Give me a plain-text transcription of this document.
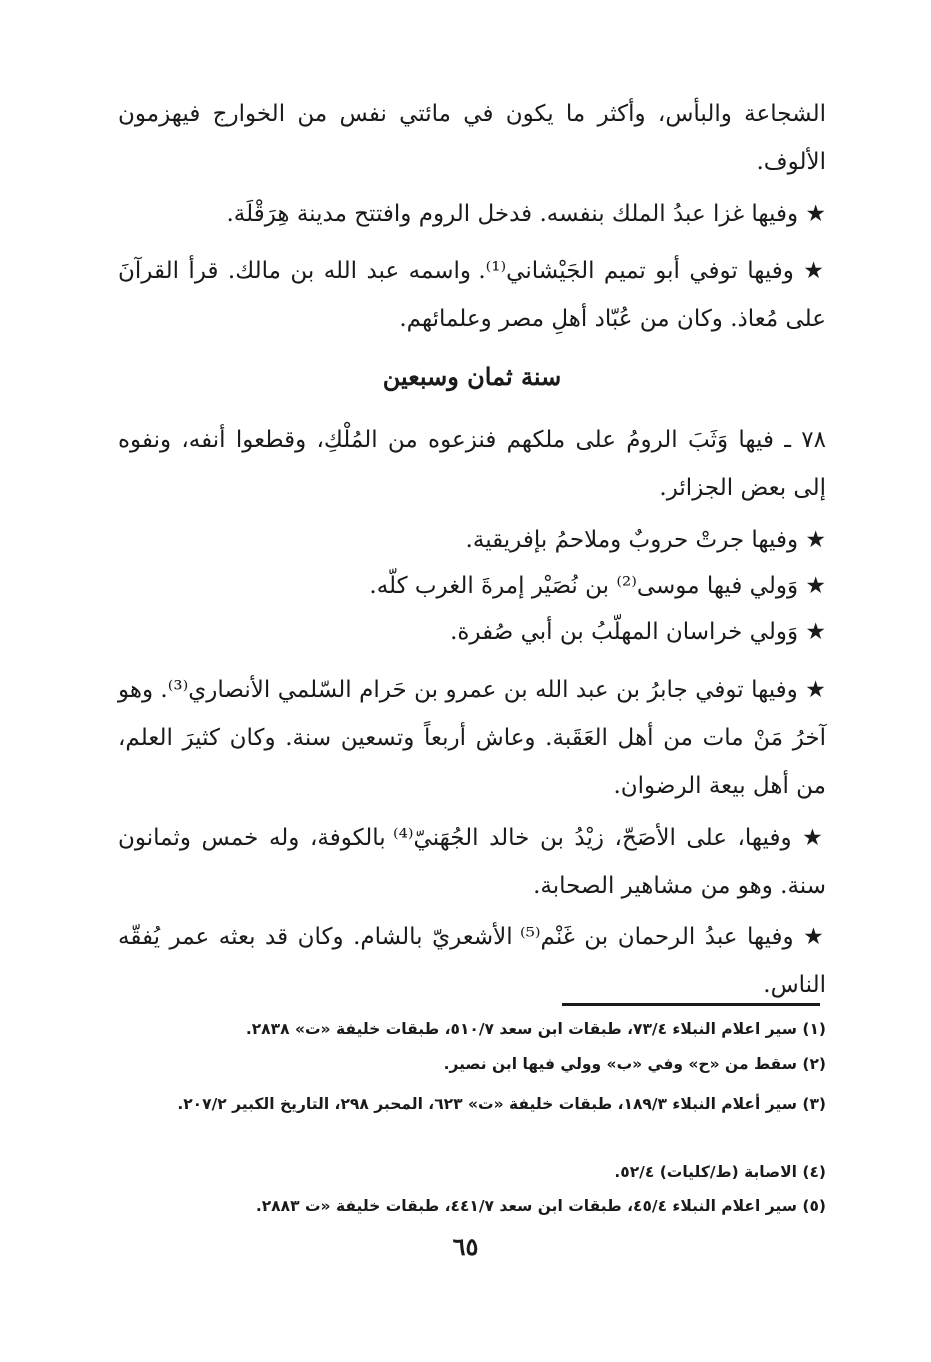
الشجاعة والبأس، وأكثر ما يكون في مائتي نفس من الخوارج فيهزمون الألوف.

★ وفيها غزا عبدُ الملك بنفسه. فدخل الروم وافتتح مدينة هِرَقْلَة.

★ وفيها توفي أبو تميم الجَيْشاني⁽¹⁾. واسمه عبد الله بن مالك. قرأ القرآنَ على مُعاذ. وكان من عُبّاد أهلِ مصر وعلمائهم.

سنة ثمان وسبعين

٧٨ ـ فيها وَثَبَ الرومُ على ملكهم فنزعوه من المُلْكِ، وقطعوا أنفه، ونفوه إلى بعض الجزائر.

★ وفيها جرتْ حروبٌ وملاحمُ بإفريقية.

★ وَولي فيها موسى⁽²⁾ بن نُصَيْر إمرةَ الغرب كلّه.

★ وَولي خراسان المهلّبُ بن أبي صُفرة.

★ وفيها توفي جابرُ بن عبد الله بن عمرو بن حَرام السّلمي الأنصاري⁽³⁾. وهو آخرُ مَنْ مات من أهل العَقَبة. وعاش أربعاً وتسعين سنة. وكان كثيرَ العلم، من أهل بيعة الرضوان.

★ وفيها، على الأصَحّ، زيْدُ بن خالد الجُهَنيّ⁽⁴⁾ بالكوفة، وله خمس وثمانون سنة. وهو من مشاهير الصحابة.

★ وفيها عبدُ الرحمان بن غَنْم⁽⁵⁾ الأشعريّ بالشام. وكان قد بعثه عمر يُفقّه الناس.

(١) سير اعلام النبلاء ٧٣/٤، طبقات ابن سعد ٥١٠/٧، طبقات خليفة «ت» ٢٨٣٨.

(٢) سقط من «ح» وفي «ب» وولي فيها ابن نصير.

(٣) سير أعلام النبلاء ١٨٩/٣، طبقات خليفة «ت» ٦٢٣، المحبر ٢٩٨، التاريخ الكبير ٢٠٧/٢.

(٤) الاصابة (ط/كليات) ٥٢/٤.

(٥) سير اعلام النبلاء ٤٥/٤، طبقات ابن سعد ٤٤١/٧، طبقات خليفة «ت ٢٨٨٣.

٦٥
